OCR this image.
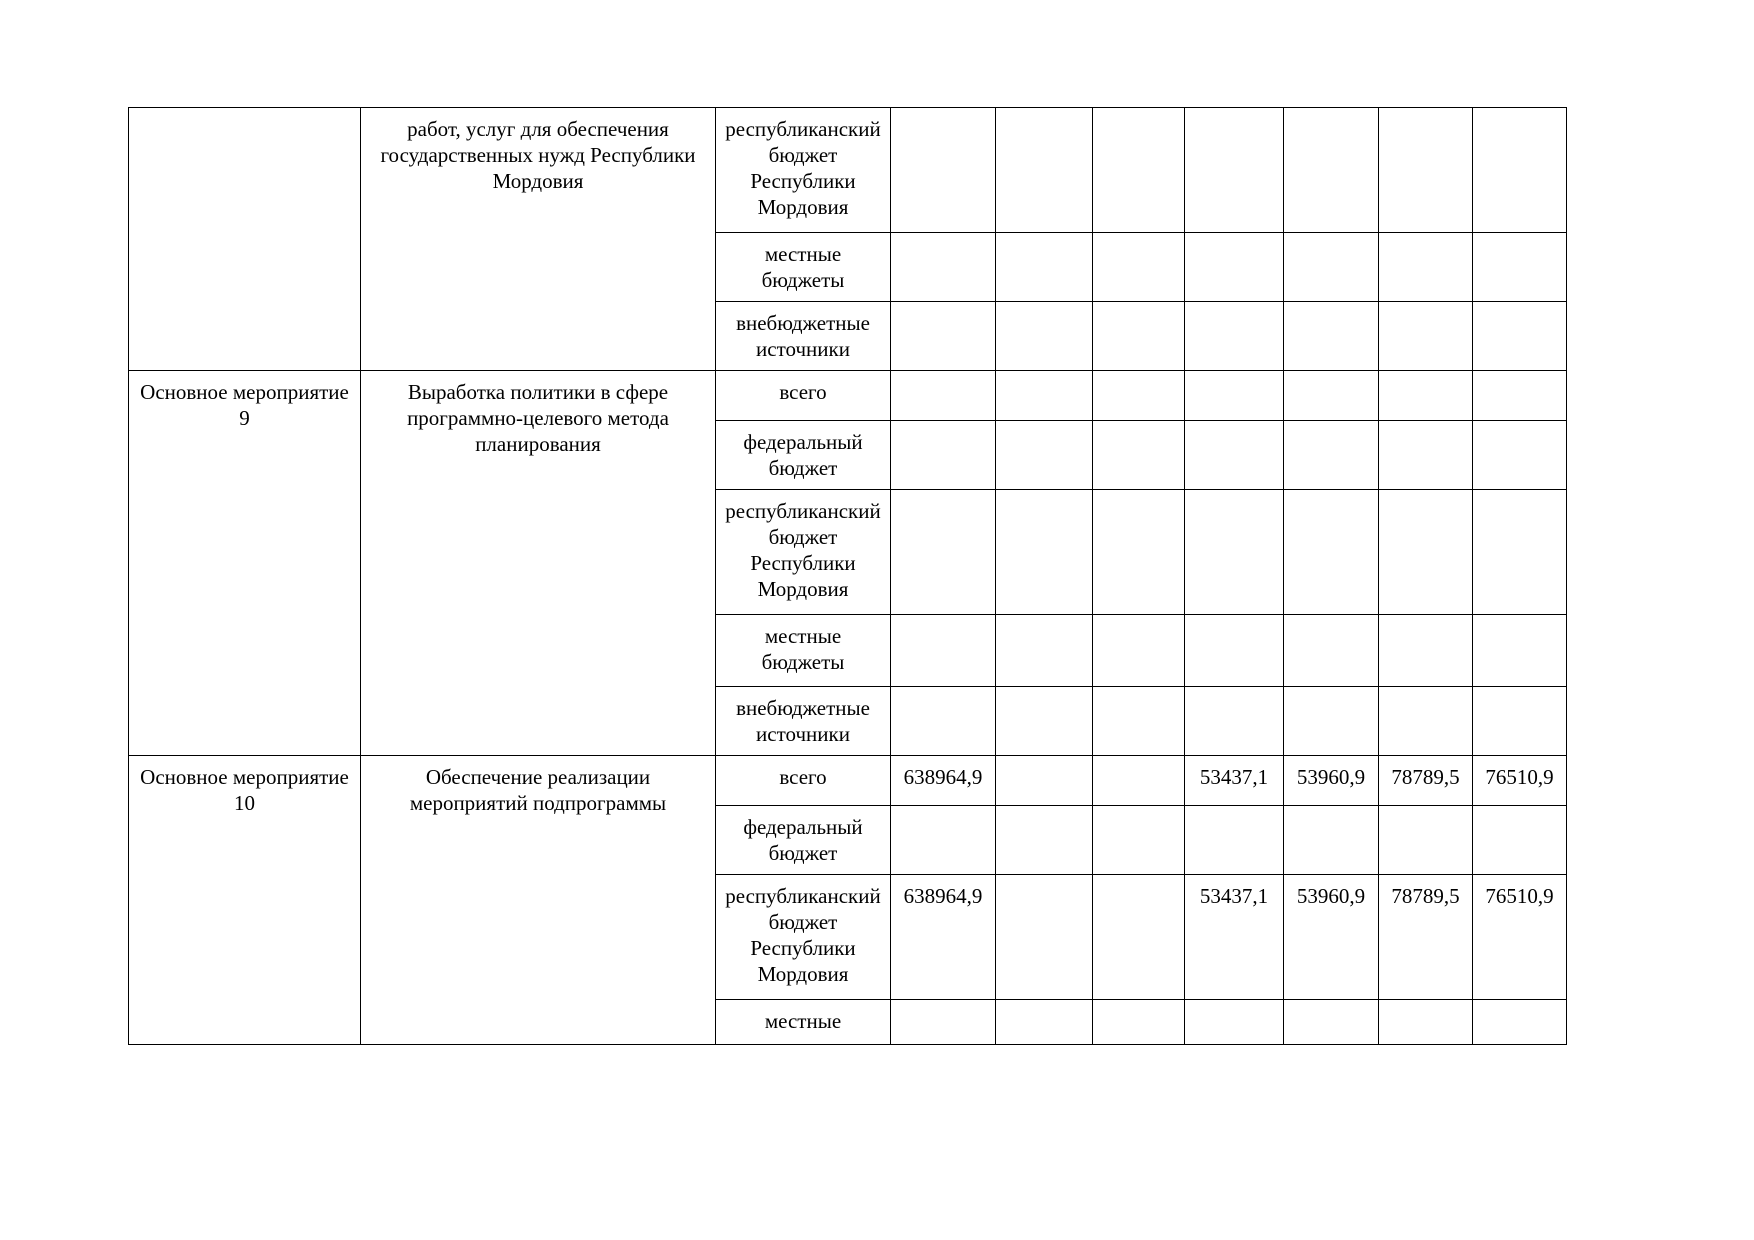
	работ, услуг для обеспечения государственных нужд Республики Мордовия	республиканский бюджет Республики Мордовия							
		местные бюджеты							
		внебюджетные источники							
Основное мероприятие 9	Выработка политики в сфере программно-целевого метода планирования	всего							
		федеральный бюджет							
		республиканский бюджет Республики Мордовия							
		местные бюджеты							
		внебюджетные источники							
Основное мероприятие 10	Обеспечение реализации мероприятий подпрограммы	всего	638964,9			53437,1	53960,9	78789,5	76510,9
		федеральный бюджет							
		республиканский бюджет Республики Мордовия	638964,9			53437,1	53960,9	78789,5	76510,9
		местные							
